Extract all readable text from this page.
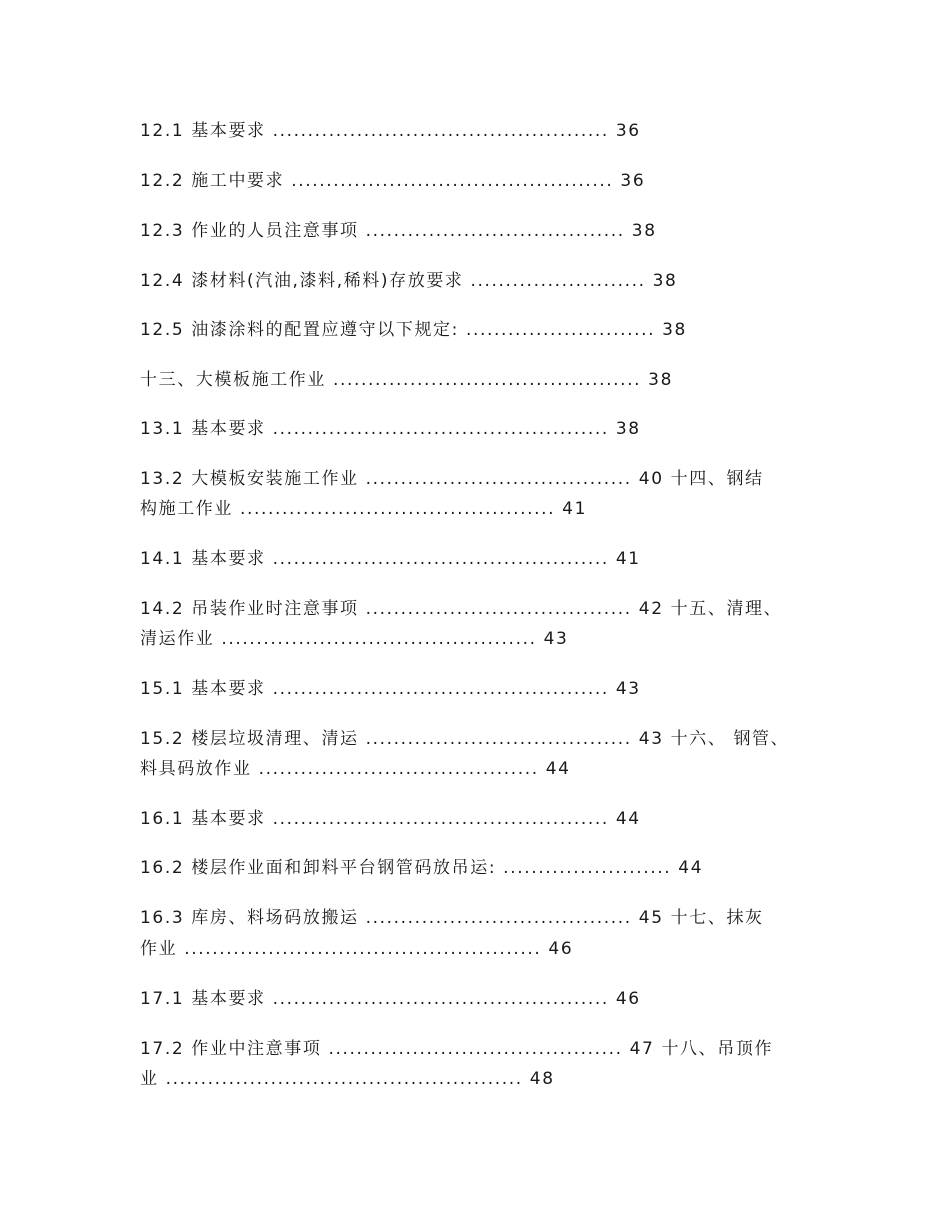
12.1 基本要求 ................................................ 36
12.2 施工中要求 .............................................. 36
12.3 作业的人员注意事项 ..................................... 38
12.4 漆材料(汽油,漆料,稀料)存放要求 ......................... 38
12.5 油漆涂料的配置应遵守以下规定: ........................... 38
十三、大模板施工作业 ............................................ 38
13.1 基本要求 ................................................ 38
13.2 大模板安装施工作业 ...................................... 40 十四、钢结
构施工作业 ............................................. 41
14.1 基本要求 ................................................ 41
14.2 吊装作业时注意事项 ...................................... 42 十五、清理、
清运作业 ............................................. 43
15.1 基本要求 ................................................ 43
15.2 楼层垃圾清理、清运 ...................................... 43 十六、 钢管、
料具码放作业 ........................................ 44
16.1 基本要求 ................................................ 44
16.2 楼层作业面和卸料平台钢管码放吊运: ........................ 44
16.3 库房、料场码放搬运 ...................................... 45 十七、抹灰
作业 ................................................... 46
17.1 基本要求 ................................................ 46
17.2 作业中注意事项 .......................................... 47 十八、吊顶作
业 ................................................... 48
